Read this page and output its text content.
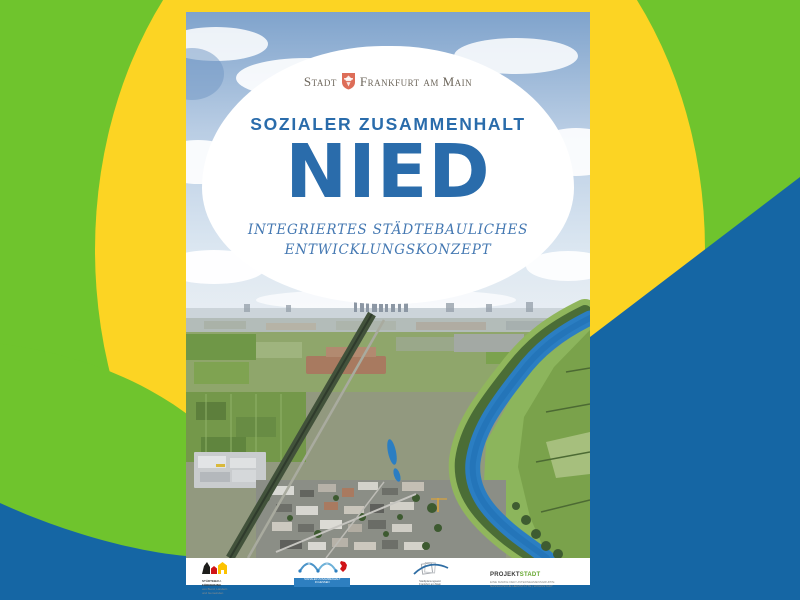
Stadt Frankfurt am Main
SOZIALER ZUSAMMENHALT
NIED
INTEGRIERTES STÄDTEBAULICHES
ENTWICKLUNGSKONZEPT
STÄDTEBAU-
FÖRDERUNG
von Bund, Ländern
und Gemeinden
SOZIALER ZUSAMMENHALT
IN HESSEN	Stadtplanungsamt
Frankfurt am Main
PROJEKTSTADT
EINE MARKE DER UNTERNEHMENSGRUPPE
NASSAUISCHE HEIMSTÄTTE | WOHNSTADT
